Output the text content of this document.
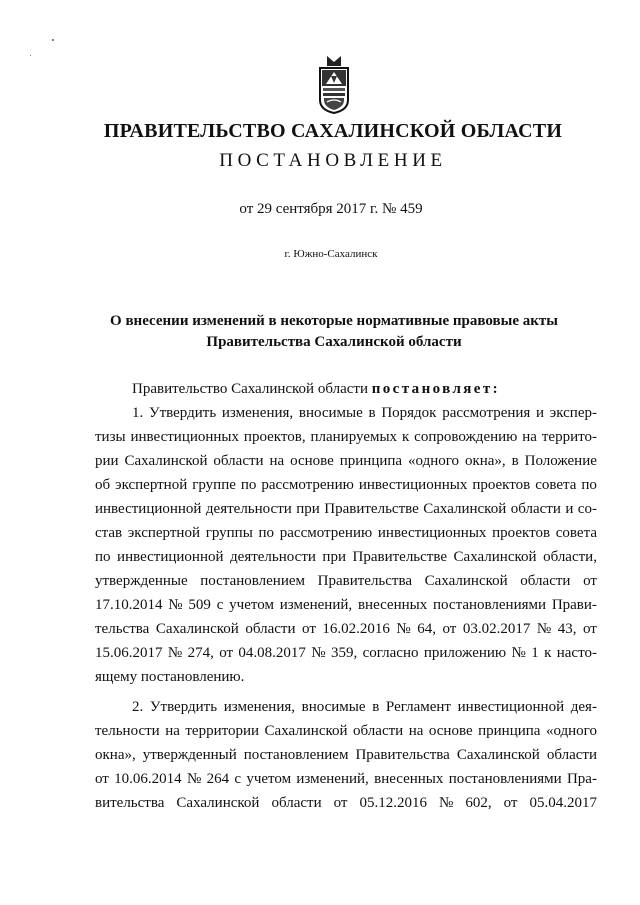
ПРАВИТЕЛЬСТВО САХАЛИНСКОЙ ОБЛАСТИ
ПОСТАНОВЛЕНИЕ
от 29 сентября 2017 г. № 459
г. Южно-Сахалинск
О внесении изменений в некоторые нормативные правовые акты
Правительства Сахалинской области
Правительство Сахалинской области постановляет:
1. Утвердить изменения, вносимые в Порядок рассмотрения и экспер-
тизы инвестиционных проектов, планируемых к сопровождению на террито-
рии Сахалинской области на основе принципа «одного окна», в Положение
об экспертной группе по рассмотрению инвестиционных проектов совета по
инвестиционной деятельности при Правительстве Сахалинской области и со-
став экспертной группы по рассмотрению инвестиционных проектов совета
по инвестиционной деятельности при Правительстве Сахалинской области,
утвержденные постановлением Правительства Сахалинской области от
17.10.2014 № 509 с учетом изменений, внесенных постановлениями Прави-
тельства Сахалинской области от 16.02.2016 № 64, от 03.02.2017 № 43, от
15.06.2017 № 274, от 04.08.2017 № 359, согласно приложению № 1 к насто-
ящему постановлению.
2. Утвердить изменения, вносимые в Регламент инвестиционной дея-
тельности на территории Сахалинской области на основе принципа «одного
окна», утвержденный постановлением Правительства Сахалинской области
от 10.06.2014 № 264 с учетом изменений, внесенных постановлениями Пра-
вительства Сахалинской области от 05.12.2016 № 602, от 05.04.2017
